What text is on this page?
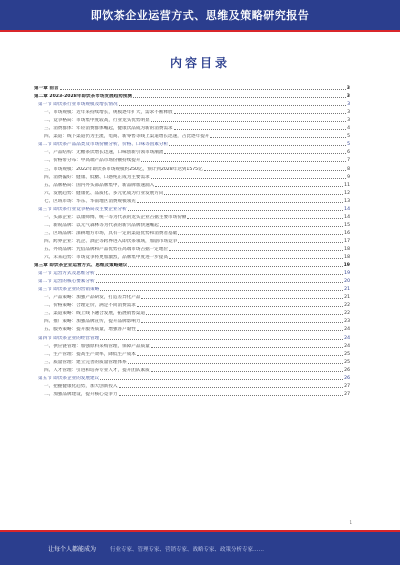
即饮茶企业运营方式、思维及策略研究报告
内容目录
第一章 前言	3
第二章 2023-2028年即饮茶市场发展趋势预测	3
第一节 即饮茶行业市场规模及增长情况	3
一、市场规模：近年来持续增长，规模逐年扩大，需求不断释放	3
二、竞争格局：市场集中度较高，行业龙头优势明显	3
三、消费群体：年轻消费群体崛起，健康饮品成为新的消费需求	4
四、渠道：线下渠道仍为主流，电商、新零售等线上渠道增长迅速，占比逐年提升	5
第二节 即饮茶产品品类及市场份额分析，价格、口味等因素分析	5
一、产品结构：无糖茶饮增长迅速，口味创新引领市场潮流	6
二、价格带分布：中高端产品市场份额持续提升	7
三、市场规模：2022年即饮茶市场规模约250亿，预计到2028年达到1575亿	8
四、消费偏好：健康、低糖、口感纯正成为主要需求	9
五、品牌格局：国内外头部品牌集中，新品牌加速涌入	11
六、发展趋势：健康化、品质化、多元化成为行业发展方向	12
七、区域市场：华东、华南地区消费规模领先	13
第三节 即饮茶行业竞争格局及主要企业分析	14
一、头部企业：以康师傅、统一等为代表的龙头企业占据主要市场份额	14
二、新锐品牌：以元气森林等为代表的新兴品牌快速崛起	15
三、区域品牌：深耕地方市场，具有一定的渠道优势和消费者基础	16
四、跨界企业：乳企、酒企等跨界进入即饮茶领域，加剧市场竞争	17
五、外资品牌：凭借品牌和产品优势在高端市场占据一定地位	18
六、未来趋势：市场竞争将更加激烈，品牌集中度进一步提高	18
第三章 即饮茶企业运营方式、思维及策略建议	19
第一节 运营方式及思维分析	19
第二节 运营的核心要素分析	20
第三节 即饮茶企业的营销策略	21
一、产品策略：加强产品研发，打造差异化产品	21
二、价格策略：合理定价，满足不同消费需求	22
三、渠道策略：线上线下融合发展，拓展销售渠道	22
四、推广策略：加强品牌宣传，提升品牌影响力	23
五、服务策略：提升服务质量，增强客户黏性	24
第四节 即饮茶企业的经营管理	24
一、供应链管理：加强原料采购管理，保障产品质量	24
二、生产管理：提高生产效率，降低生产成本	25
三、质量管理：建立完善的质量管理体系	25
四、人才管理：引进和培养专业人才，提升团队素质	26
第五节 即饮茶企业的发展建议	26
一、把握健康化趋势，加大创新投入	27
二、加强品牌建设，提升核心竞争力	27
1
让每个人都能成为	行业专家、管理专家、营销专家、战略专家、政策分析专家……
